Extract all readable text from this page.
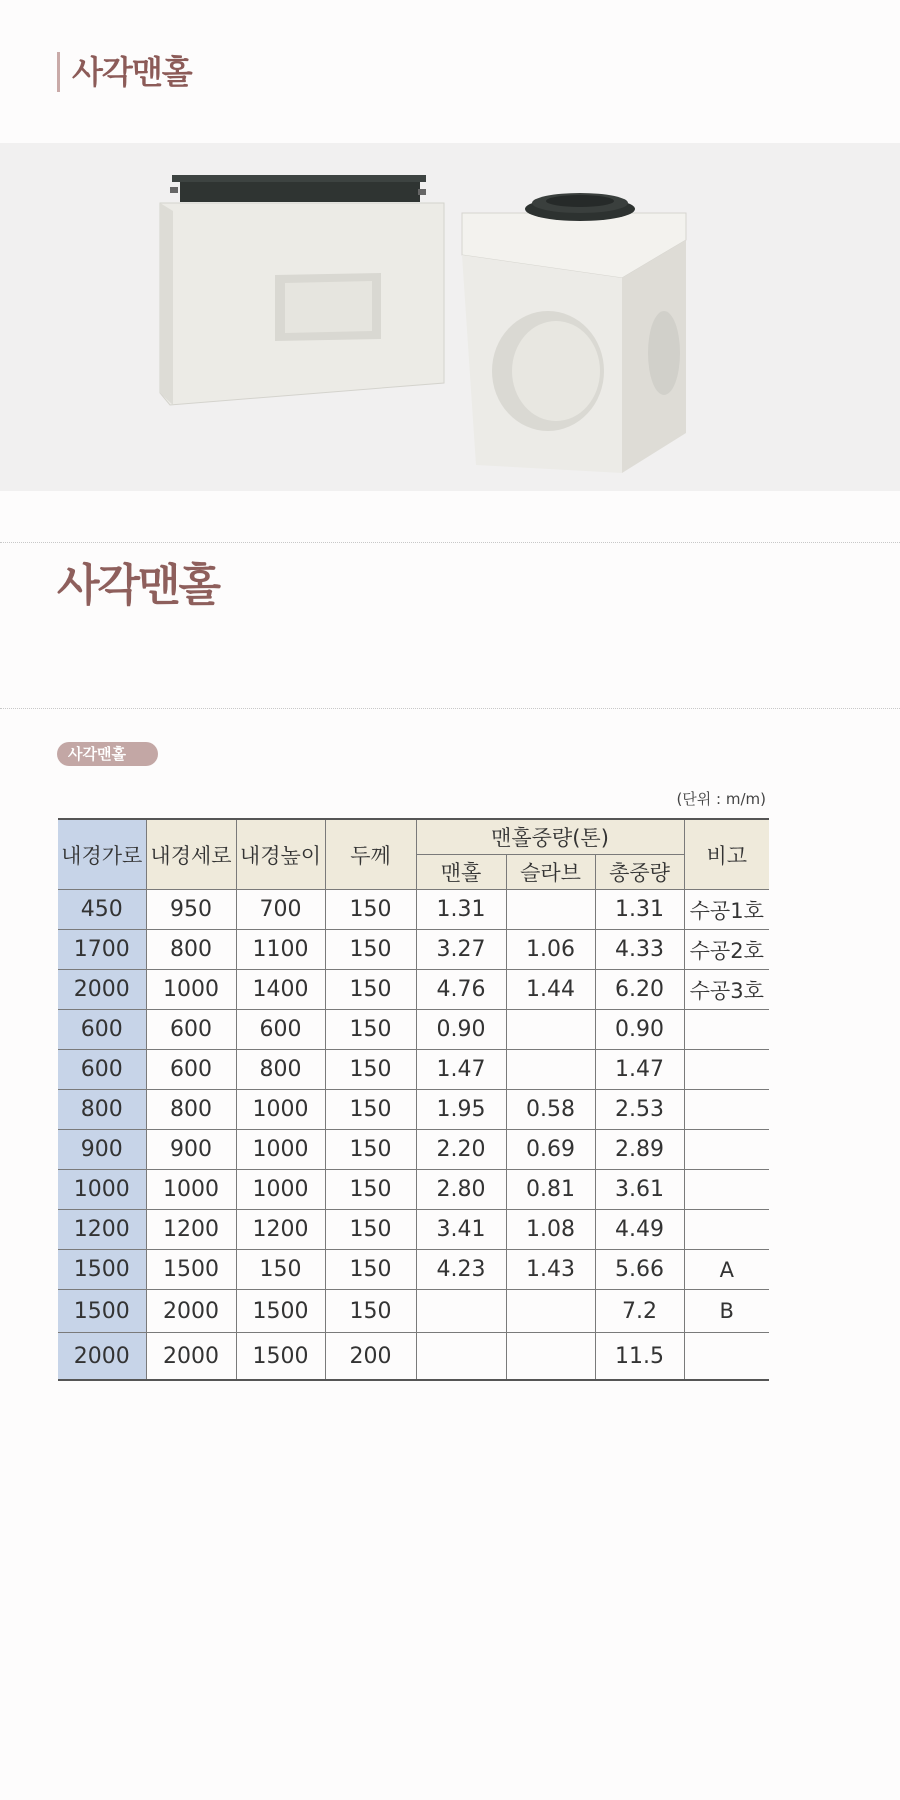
사각맨홀
사각맨홀
사각맨홀
(단위 : m/m)
내경가로	내경세로	내경높이	두께	맨홀중량(톤)			비고
				맨홀	슬라브	총중량	
450	950	700	150	1.31		1.31	수공1호
1700	800	1100	150	3.27	1.06	4.33	수공2호
2000	1000	1400	150	4.76	1.44	6.20	수공3호
600	600	600	150	0.90		0.90	
600	600	800	150	1.47		1.47	
800	800	1000	150	1.95	0.58	2.53	
900	900	1000	150	2.20	0.69	2.89	
1000	1000	1000	150	2.80	0.81	3.61	
1200	1200	1200	150	3.41	1.08	4.49	
1500	1500	150	150	4.23	1.43	5.66	A
1500	2000	1500	150			7.2	B
2000	2000	1500	200			11.5	
